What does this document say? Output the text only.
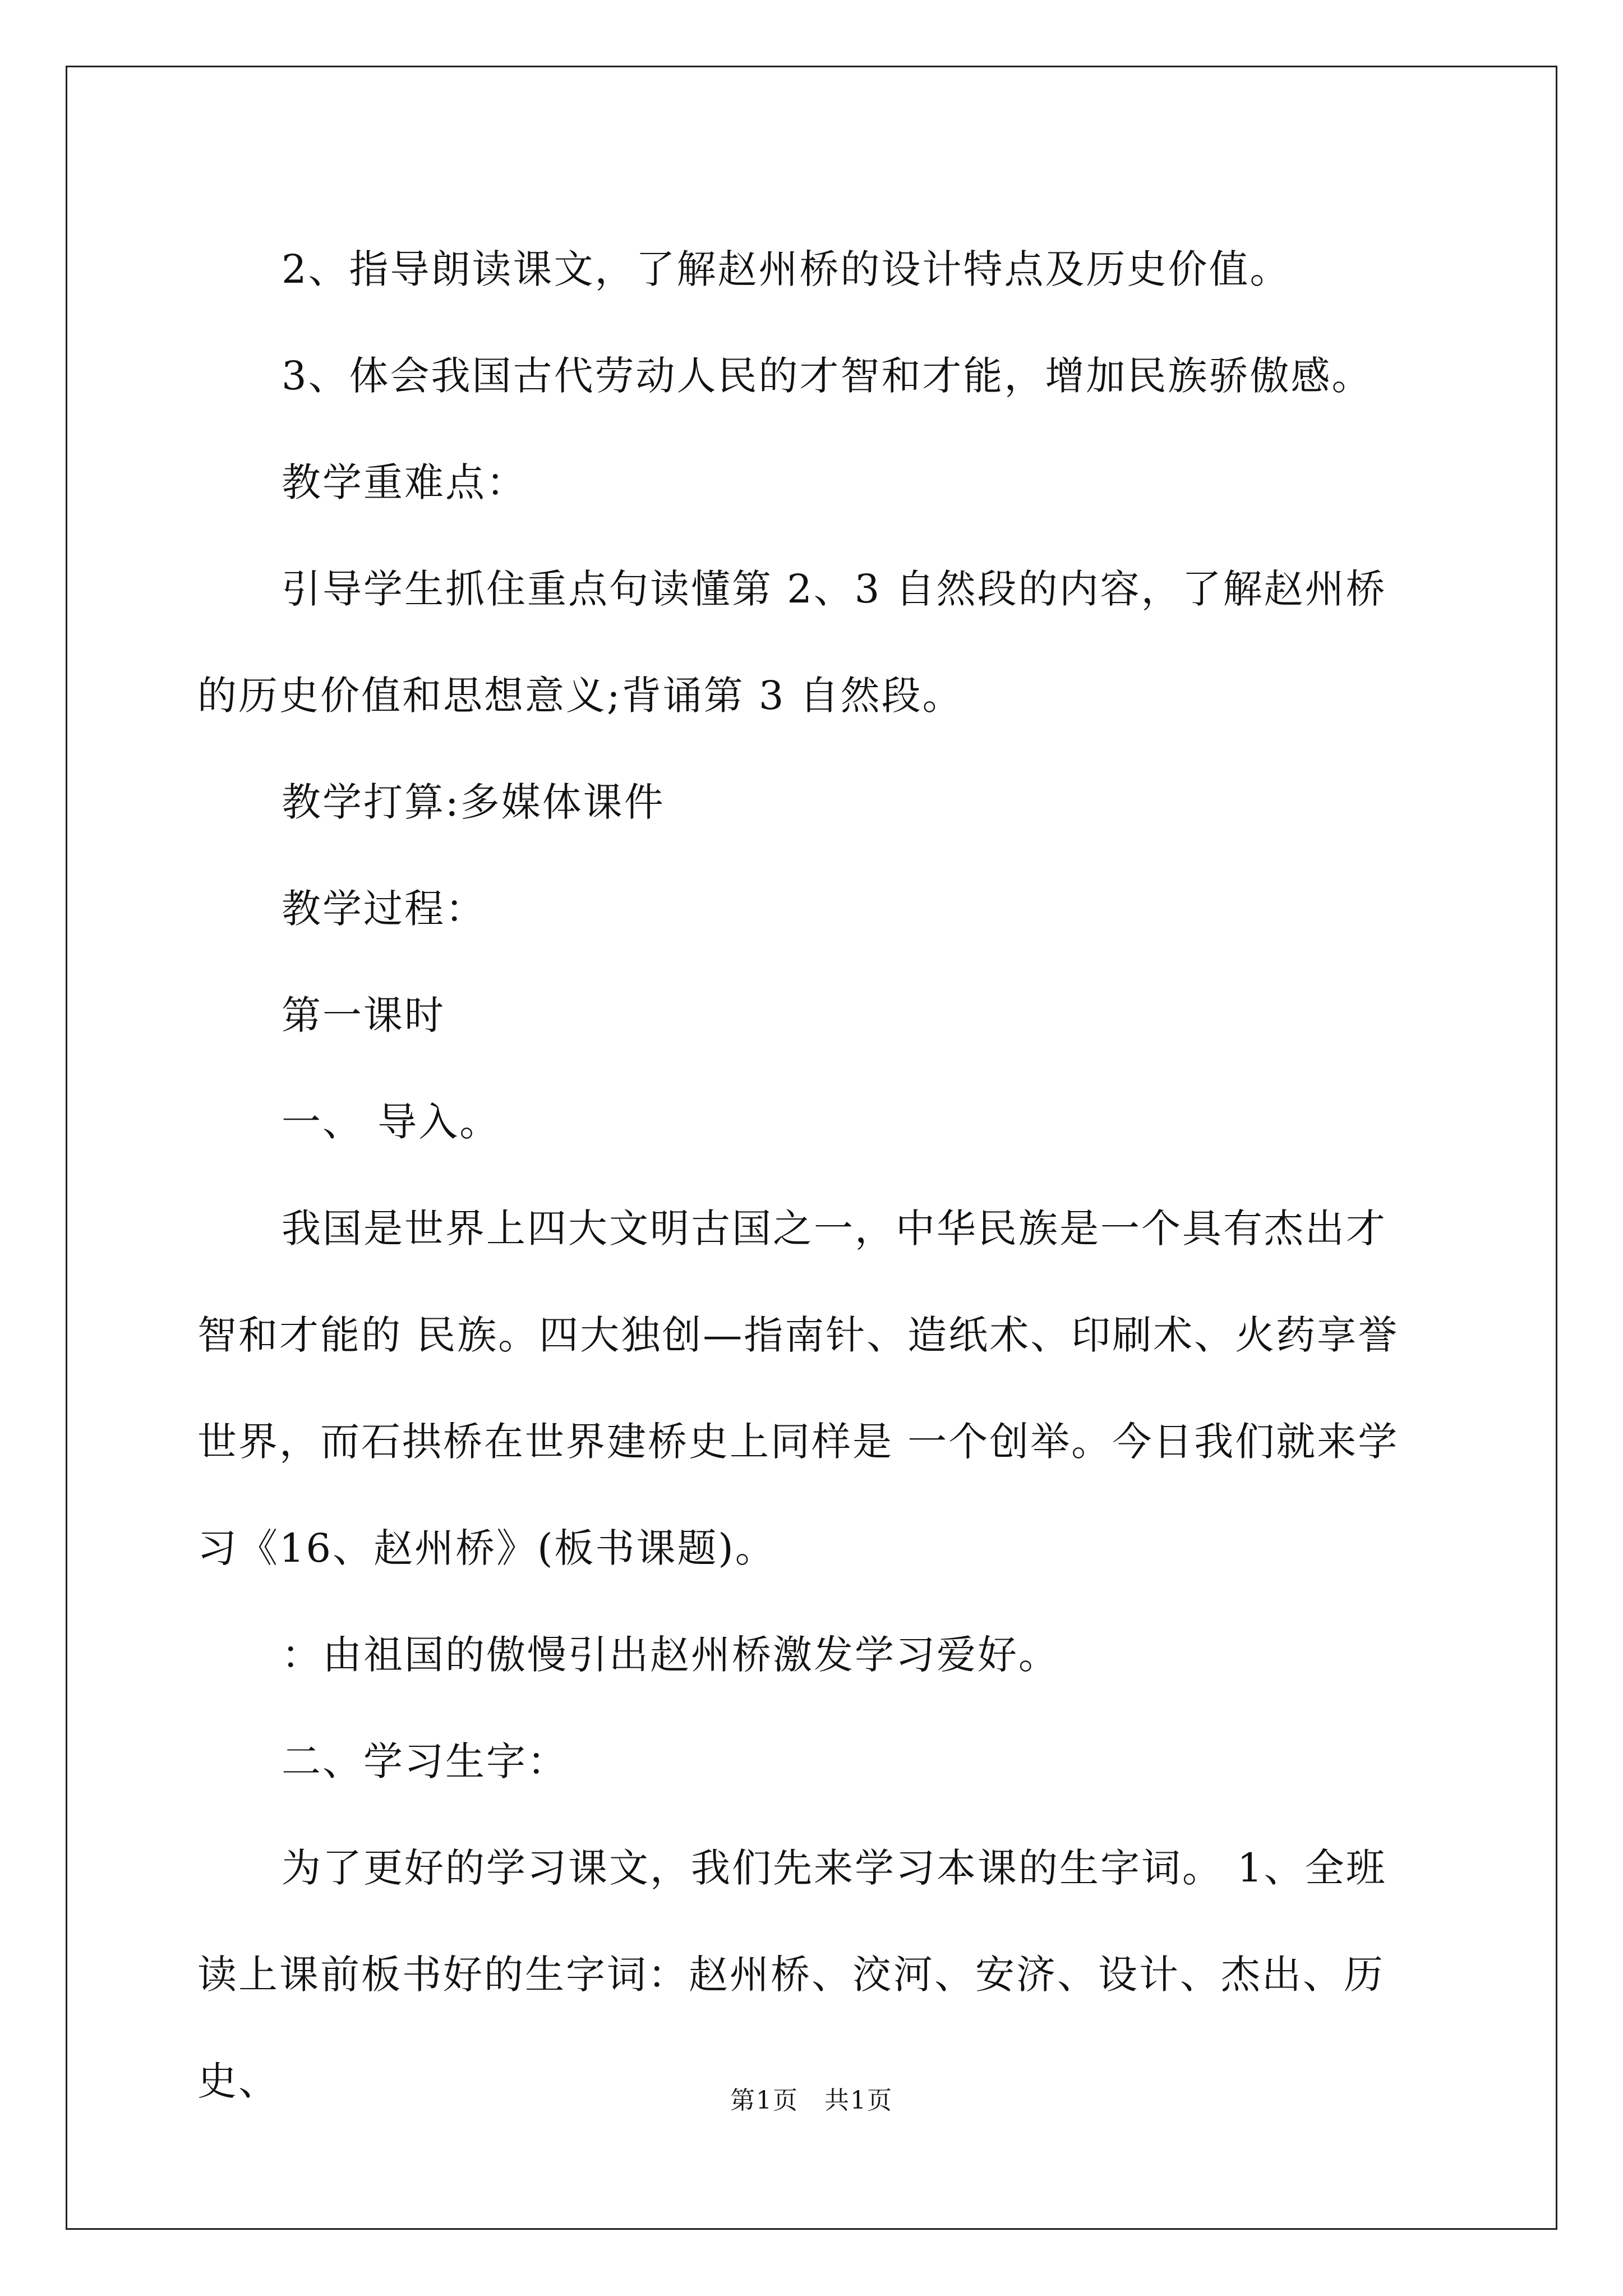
2、指导朗读课文，了解赵州桥的设计特点及历史价值。

3、体会我国古代劳动人民的才智和才能，增加民族骄傲感。

教学重难点：

引导学生抓住重点句读懂第 2、3 自然段的内容，了解赵州桥的历史价值和思想意义;背诵第 3 自然段。

教学打算:多媒体课件

教学过程：

第一课时

一、 导入。

我国是世界上四大文明古国之一，中华民族是一个具有杰出才智和才能的 民族。四大独创—指南针、造纸术、印刷术、火药享誉世界，而石拱桥在世界建桥史上同样是 一个创举。今日我们就来学习《16、赵州桥》(板书课题)。

：由祖国的傲慢引出赵州桥激发学习爱好。

二、学习生字：

为了更好的学习课文，我们先来学习本课的生字词。 1、全班读上课前板书好的生字词：赵州桥、洨河、安济、设计、杰出、历史、	第1页　共1页
